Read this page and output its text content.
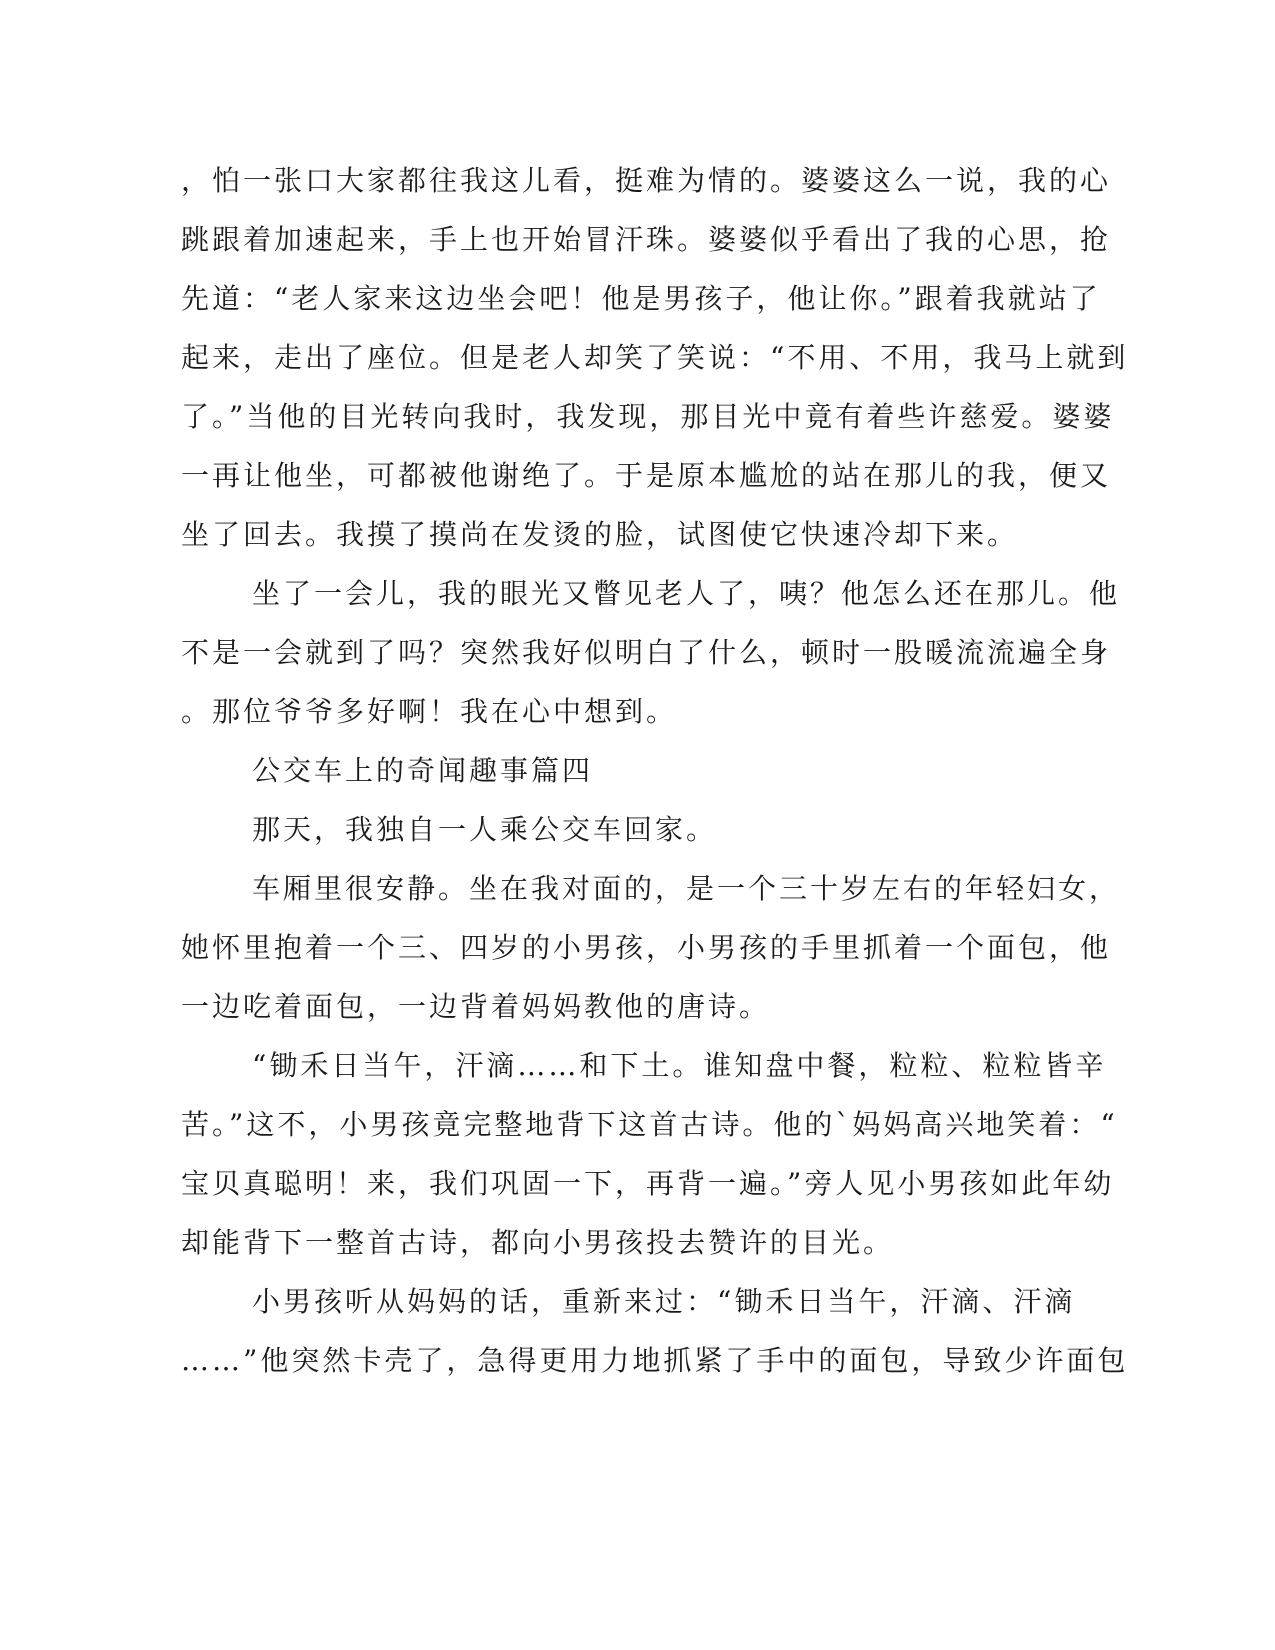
，怕一张口大家都往我这儿看，挺难为情的。婆婆这么一说，我的心
跳跟着加速起来，手上也开始冒汗珠。婆婆似乎看出了我的心思，抢
先道：“老人家来这边坐会吧！他是男孩子，他让你。”跟着我就站了
起来，走出了座位。但是老人却笑了笑说：“不用、不用，我马上就到
了。”当他的目光转向我时，我发现，那目光中竟有着些许慈爱。婆婆
一再让他坐，可都被他谢绝了。于是原本尴尬的站在那儿的我，便又
坐了回去。我摸了摸尚在发烫的脸，试图使它快速冷却下来。
坐了一会儿，我的眼光又瞥见老人了，咦？他怎么还在那儿。他
不是一会就到了吗？突然我好似明白了什么，顿时一股暖流流遍全身
。那位爷爷多好啊！我在心中想到。
公交车上的奇闻趣事篇四
那天，我独自一人乘公交车回家。
车厢里很安静。坐在我对面的，是一个三十岁左右的年轻妇女，
她怀里抱着一个三、四岁的小男孩，小男孩的手里抓着一个面包，他
一边吃着面包，一边背着妈妈教他的唐诗。
“锄禾日当午，汗滴……和下土。谁知盘中餐，粒粒、粒粒皆辛
苦。”这不，小男孩竟完整地背下这首古诗。他的`妈妈高兴地笑着：“
宝贝真聪明！来，我们巩固一下，再背一遍。”旁人见小男孩如此年幼
却能背下一整首古诗，都向小男孩投去赞许的目光。
小男孩听从妈妈的话，重新来过：“锄禾日当午，汗滴、汗滴
……”他突然卡壳了，急得更用力地抓紧了手中的面包，导致少许面包
